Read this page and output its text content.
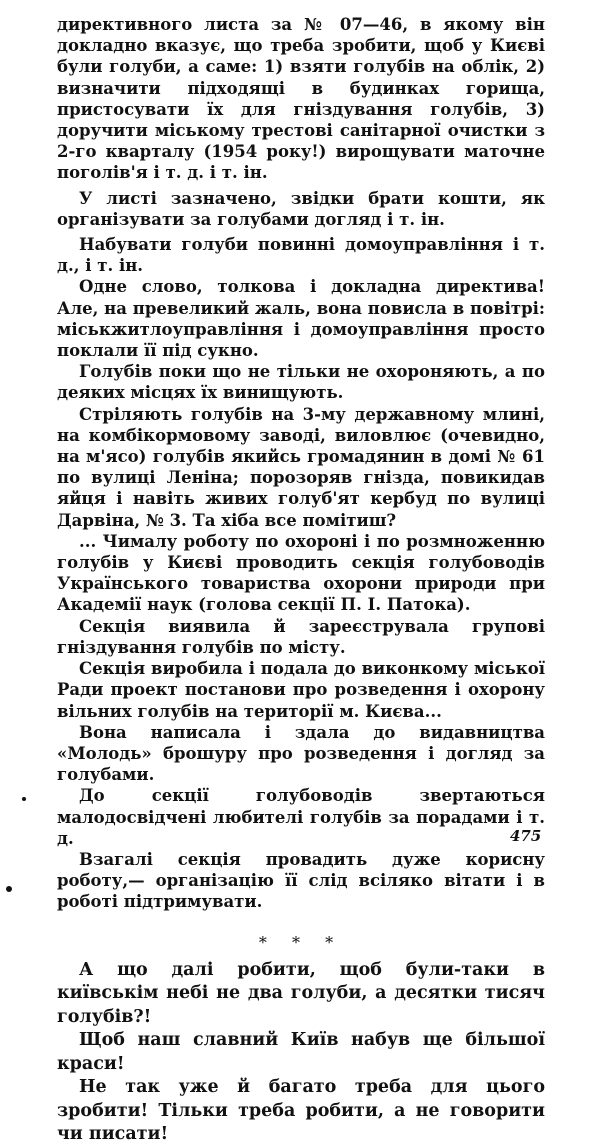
директивного листа за № 07—46, в якому він докладно вказує, що треба зробити, щоб у Києві були голуби, а саме: 1) взяти голубів на облік, 2) визначити підходящі в будинках горища, пристосувати їх для гніздування голубів, 3) доручити міському трестові санітарної очистки з 2-го кварталу (1954 року!) вирощувати маточне поголів'я і т. д. і т. ін.

У листі зазначено, звідки брати кошти, як організувати за голубами догляд і т. ін.

Набувати голуби повинні домоуправління і т. д., і т. ін.

Одне слово, толкова і докладна директива! Але, на превеликий жаль, вона повисла в повітрі: міськжитлоуправління і домоуправління просто поклали її під сукно.

Голубів поки що не тільки не охороняють, а по деяких місцях їх винищують.

Стріляють голубів на 3-му державному млині, на комбікормовому заводі, виловлює (очевидно, на м'ясо) голубів якийсь громадянин в домі № 61 по вулиці Леніна; порозоряв гнізда, повикидав яйця і навіть живих голуб'ят кербуд по вулиці Дарвіна, № 3. Та хіба все помітиш?

... Чималу роботу по охороні і по розмноженню голубів у Києві проводить секція голубоводів Українського товариства охорони природи при Академії наук (голова секції П. І. Патока).

Секція виявила й зареєструвала групові гніздування голубів по місту.

Секція виробила і подала до виконкому міської Ради проект постанови про розведення і охорону вільних голубів на території м. Києва...

Вона написала і здала до видавництва «Молодь» брошуру про розведення і догляд за голубами.

До секції голубоводів звертаються малодосвідчені любителі голубів за порадами і т. д.

Взагалі секція провадить дуже корисну роботу,— організацію її слід всіляко вітати і в роботі підтримувати.

* * *

А що далі робити, щоб були-таки в київськім небі не два голуби, а десятки тисяч голубів?!

Щоб наш славний Київ набув ще більшої краси!

Не так уже й багато треба для цього зробити! Тільки треба робити, а не говорити чи писати!

475
